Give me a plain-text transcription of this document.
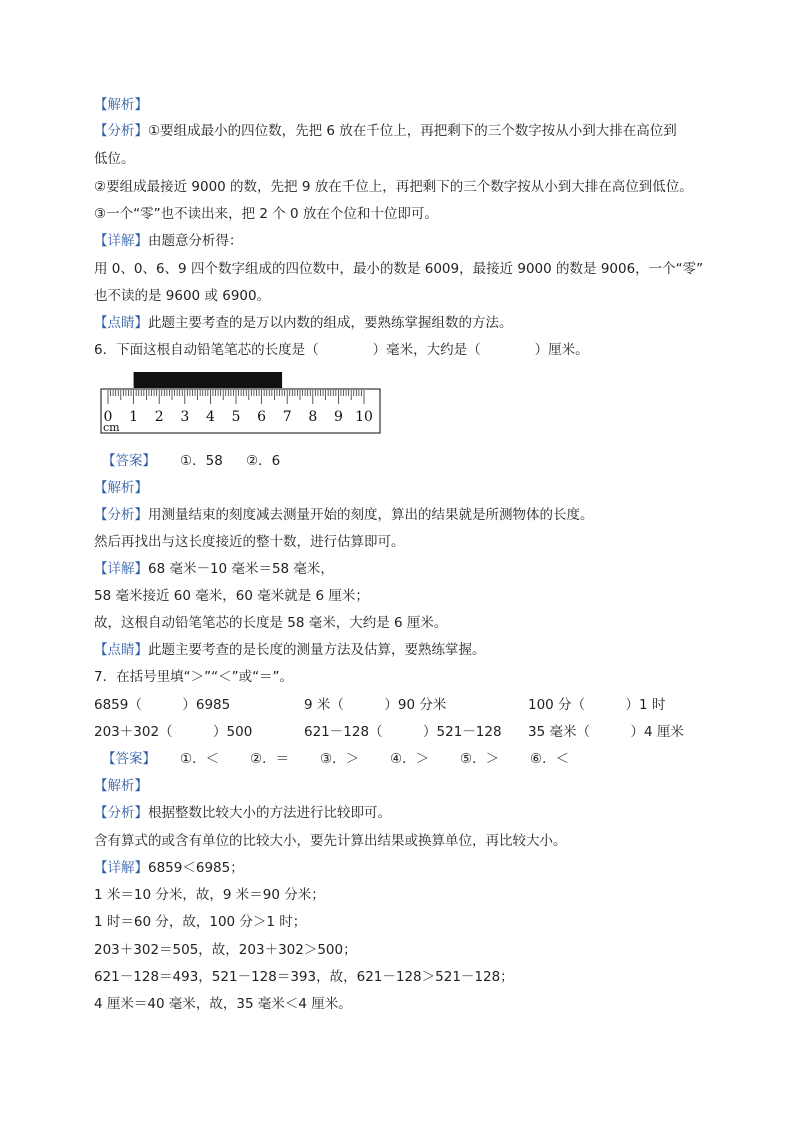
【解析】
【分析】①要组成最小的四位数，先把 6 放在千位上，再把剩下的三个数字按从小到大排在高位到
低位。
②要组成最接近 9000 的数，先把 9 放在千位上，再把剩下的三个数字按从小到大排在高位到低位。
③一个“零”也不读出来，把 2 个 0 放在个位和十位即可。
【详解】由题意分析得：
用 0、0、6、9 四个数字组成的四位数中，最小的数是 6009，最接近 9000 的数是 9006，一个“零”
也不读的是 9600 或 6900。
【点睛】此题主要考查的是万以内数的组成，要熟练掌握组数的方法。
6．下面这根自动铅笔笔芯的长度是（　　　　）毫米，大约是（　　　　）厘米。
0 1 2 3 4 5 6 7 8 9 10
cm
【答案】 ①．58 ②．6
【解析】
【分析】用测量结束的刻度减去测量开始的刻度，算出的结果就是所测物体的长度。
然后再找出与这长度接近的整十数，进行估算即可。
【详解】68 毫米－10 毫米＝58 毫米，
58 毫米接近 60 毫米，60 毫米就是 6 厘米；
故，这根自动铅笔笔芯的长度是 58 毫米，大约是 6 厘米。
【点睛】此题主要考查的是长度的测量方法及估算，要熟练掌握。
7．在括号里填“＞”“＜”或“＝”。
6859（　　　）6985	9 米（　　　）90 分米	100 分（　　　）1 时
203＋302（　　　）500	621－128（　　　）521－128 35 毫米（　　　）4 厘米
【答案】 ①．＜ ②．＝ ③．＞ ④．＞ ⑤．＞ ⑥．＜
【解析】
【分析】根据整数比较大小的方法进行比较即可。
含有算式的或含有单位的比较大小，要先计算出结果或换算单位，再比较大小。
【详解】6859＜6985；
1 米＝10 分米，故，9 米＝90 分米；
1 时＝60 分，故，100 分＞1 时；
203＋302＝505，故，203＋302＞500；
621－128＝493，521－128＝393，故，621－128＞521－128；
4 厘米＝40 毫米，故，35 毫米＜4 厘米。
